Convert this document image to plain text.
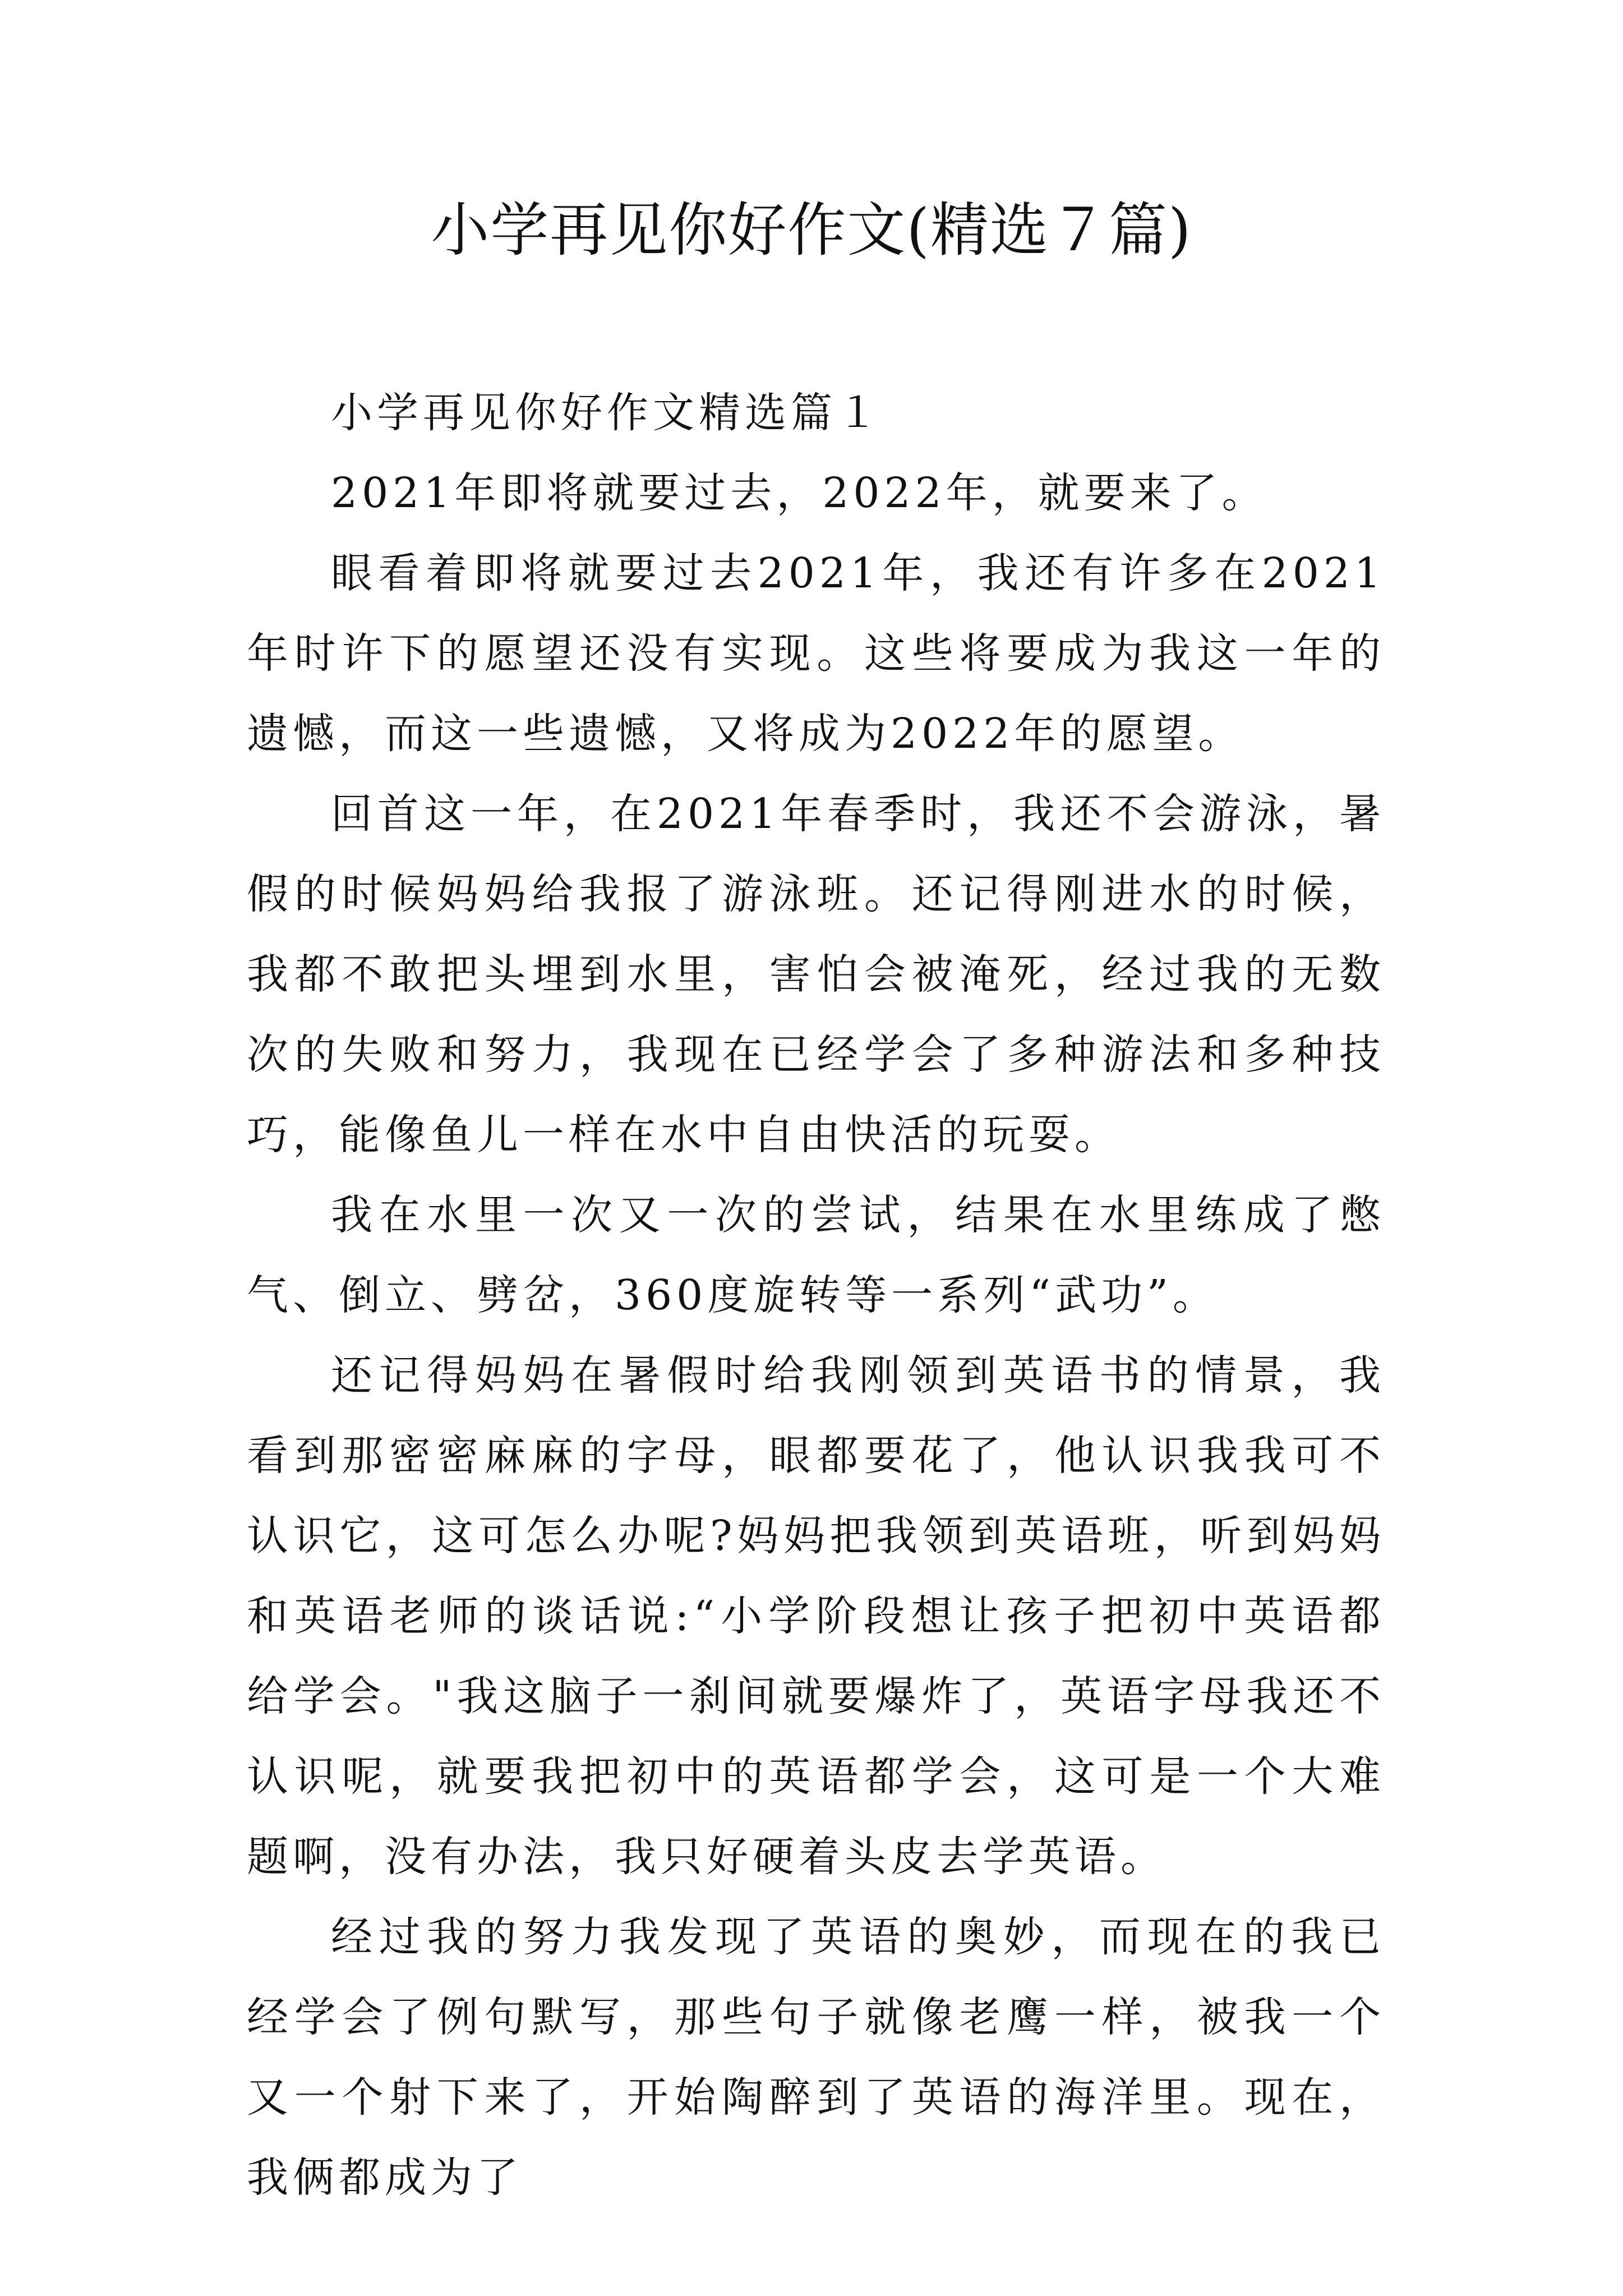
小学再见你好作文(精选７篇)

小学再见你好作文精选篇１

2021年即将就要过去，2022年，就要来了。

眼看着即将就要过去2021年，我还有许多在2021年时许下的愿望还没有实现。这些将要成为我这一年的遗憾，而这一些遗憾，又将成为2022年的愿望。

回首这一年，在2021年春季时，我还不会游泳，暑假的时候妈妈给我报了游泳班。还记得刚进水的时候，我都不敢把头埋到水里，害怕会被淹死，经过我的无数次的失败和努力，我现在已经学会了多种游法和多种技巧，能像鱼儿一样在水中自由快活的玩耍。

我在水里一次又一次的尝试，结果在水里练成了憋气、倒立、劈岔，360度旋转等一系列“武功”。

还记得妈妈在暑假时给我刚领到英语书的情景，我看到那密密麻麻的字母，眼都要花了，他认识我我可不认识它，这可怎么办呢?妈妈把我领到英语班，听到妈妈和英语老师的谈话说:“小学阶段想让孩子把初中英语都给学会。"我这脑子一刹间就要爆炸了，英语字母我还不认识呢，就要我把初中的英语都学会，这可是一个大难题啊，没有办法，我只好硬着头皮去学英语。

经过我的努力我发现了英语的奥妙，而现在的我已经学会了例句默写，那些句子就像老鹰一样，被我一个又一个射下来了，开始陶醉到了英语的海洋里。现在，我俩都成为了
